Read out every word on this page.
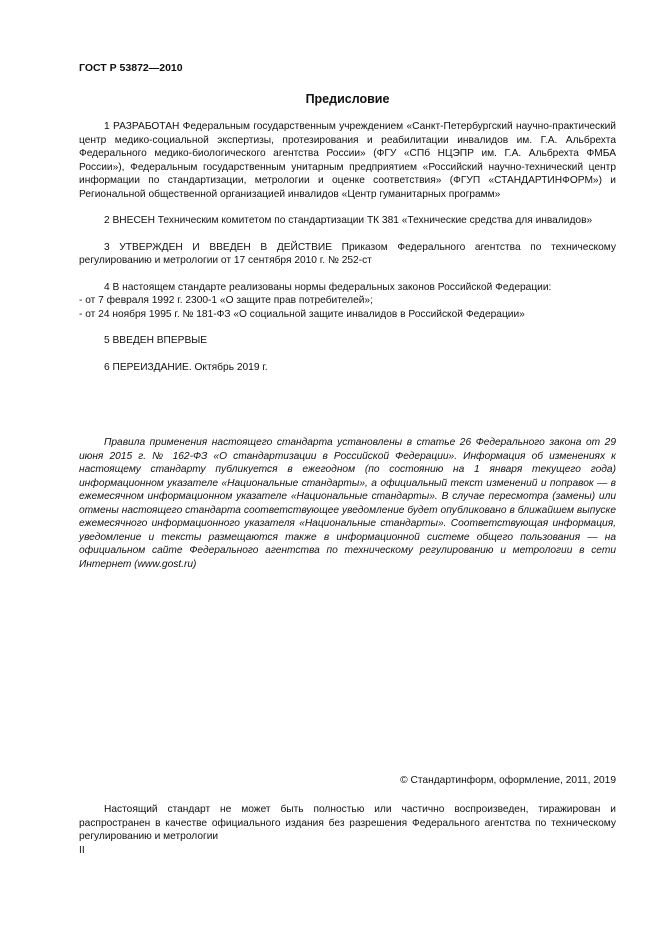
ГОСТ Р 53872—2010
Предисловие

1 РАЗРАБОТАН Федеральным государственным учреждением «Санкт-Петербургский научно-практический центр медико-социальной экспертизы, протезирования и реабилитации инвалидов им. Г.А. Альбрехта Федерального медико-биологического агентства России» (ФГУ «СПб НЦЭПР им. Г.А. Альбрехта ФМБА России»), Федеральным государственным унитарным предприятием «Российский научно-технический центр информации по стандартизации, метрологии и оценке соответствия» (ФГУП «СТАНДАРТИНФОРМ») и Региональной общественной организацией инвалидов «Центр гуманитарных программ»

2 ВНЕСЕН Техническим комитетом по стандартизации ТК 381 «Технические средства для инвалидов»

3 УТВЕРЖДЕН И ВВЕДЕН В ДЕЙСТВИЕ Приказом Федерального агентства по техническому регулированию и метрологии от 17 сентября 2010 г. № 252-ст

4 В настоящем стандарте реализованы нормы федеральных законов Российской Федерации:

- от 7 февраля 1992 г. 2300-1 «О защите прав потребителей»;

- от 24 ноября 1995 г. № 181-ФЗ «О социальной защите инвалидов в Российской Федерации»

5 ВВЕДЕН ВПЕРВЫЕ

6 ПЕРЕИЗДАНИЕ. Октябрь 2019 г.

Правила применения настоящего стандарта установлены в статье 26 Федерального закона от 29 июня 2015 г. № 162-ФЗ «О стандартизации в Российской Федерации». Информация об изменениях к настоящему стандарту публикуется в ежегодном (по состоянию на 1 января текущего года) информационном указателе «Национальные стандарты», а официальный текст изменений и поправок — в ежемесячном информационном указателе «Национальные стандарты». В случае пересмотра (замены) или отмены настоящего стандарта соответствующее уведомление будет опубликовано в ближайшем выпуске ежемесячного информационного указателя «Национальные стандарты». Соответствующая информация, уведомление и тексты размещаются также в информационной системе общего пользования — на официальном сайте Федерального агентства по техническому регулированию и метрологии в сети Интернет (www.gost.ru)

© Стандартинформ, оформление, 2011, 2019

Настоящий стандарт не может быть полностью или частично воспроизведен, тиражирован и распространен в качестве официального издания без разрешения Федерального агентства по техническому регулированию и метрологии

II
